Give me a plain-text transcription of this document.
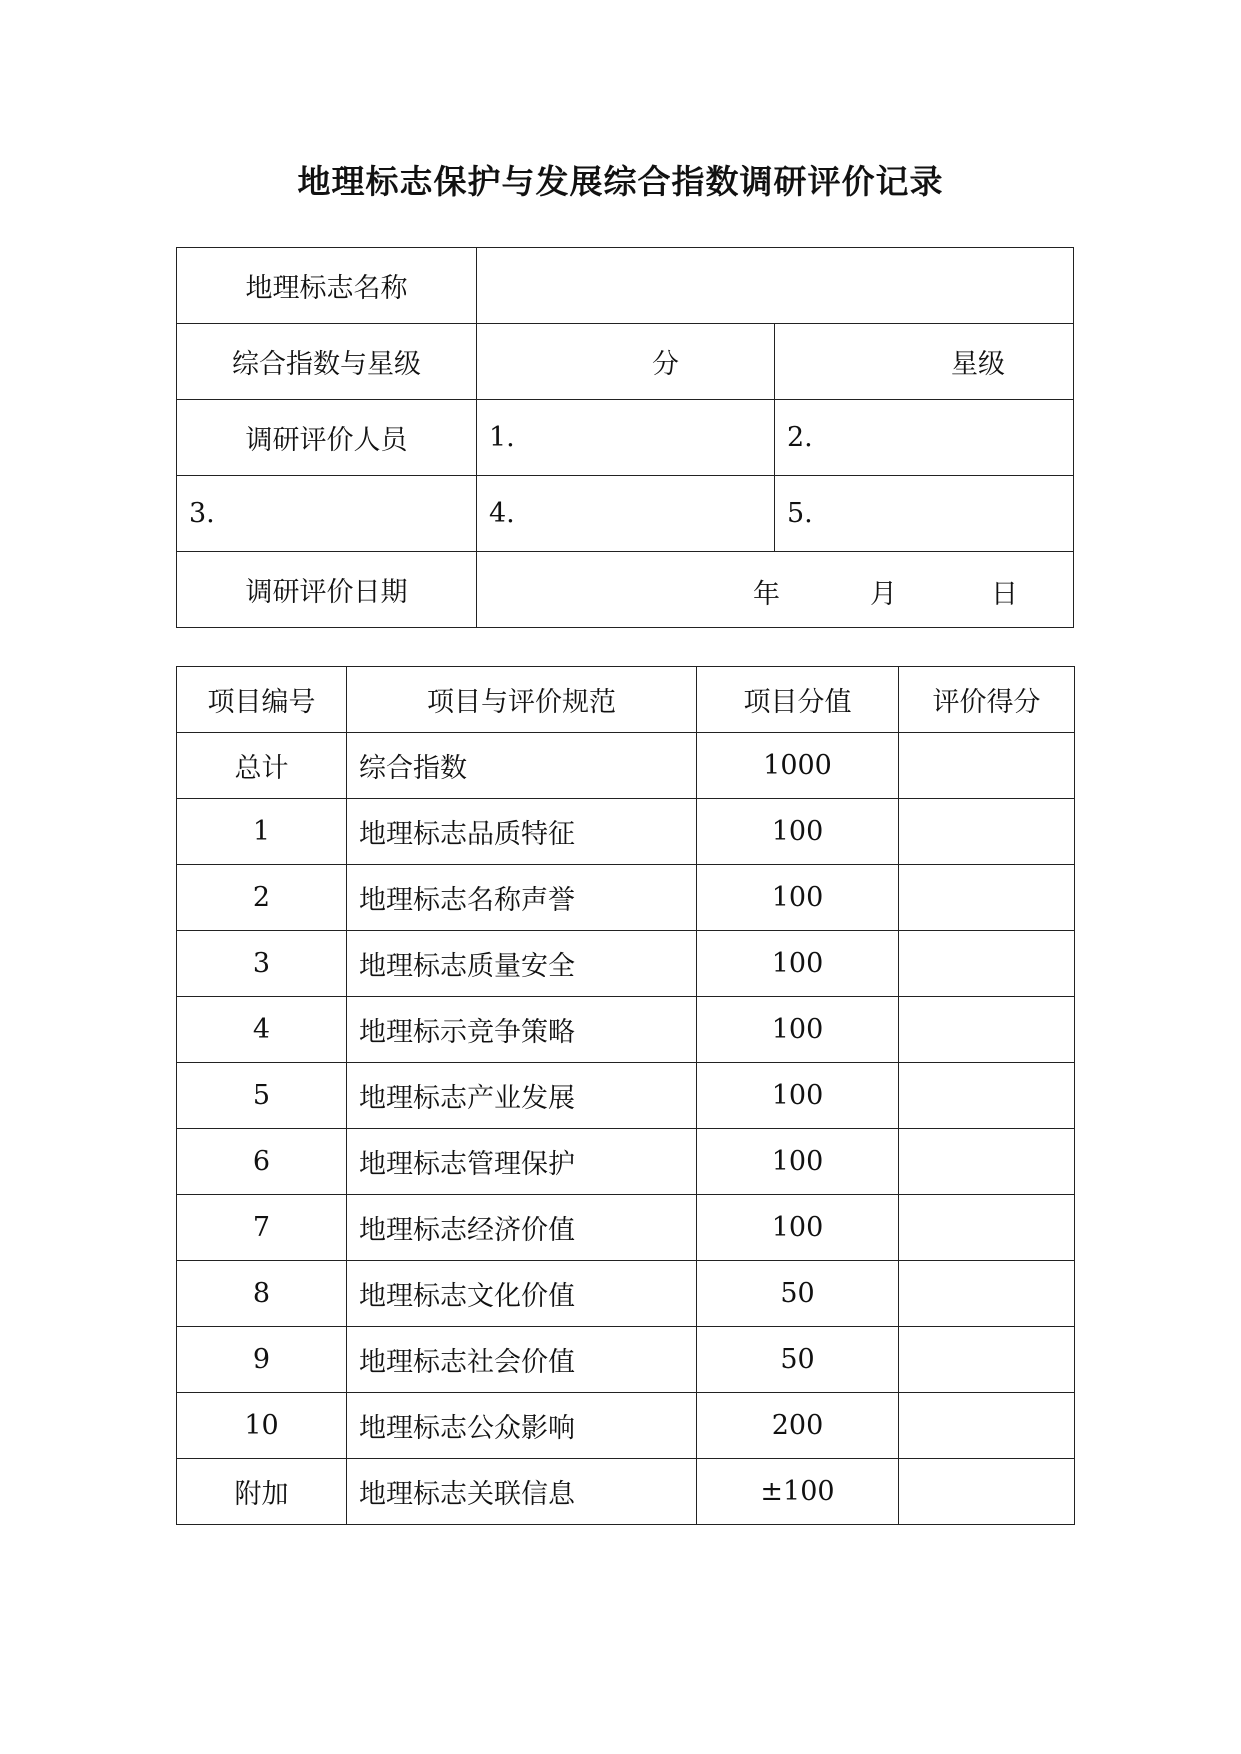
地理标志保护与发展综合指数调研评价记录
地理标志名称		
综合指数与星级	分	星级
调研评价人员	1.	2.
3.	4.	5.
调研评价日期	年 月 日	
项目编号	项目与评价规范	项目分值	评价得分
总计	综合指数	1000	
1	地理标志品质特征	100	
2	地理标志名称声誉	100	
3	地理标志质量安全	100	
4	地理标示竞争策略	100	
5	地理标志产业发展	100	
6	地理标志管理保护	100	
7	地理标志经济价值	100	
8	地理标志文化价值	50	
9	地理标志社会价值	50	
10	地理标志公众影响	200	
附加	地理标志关联信息	±100	
